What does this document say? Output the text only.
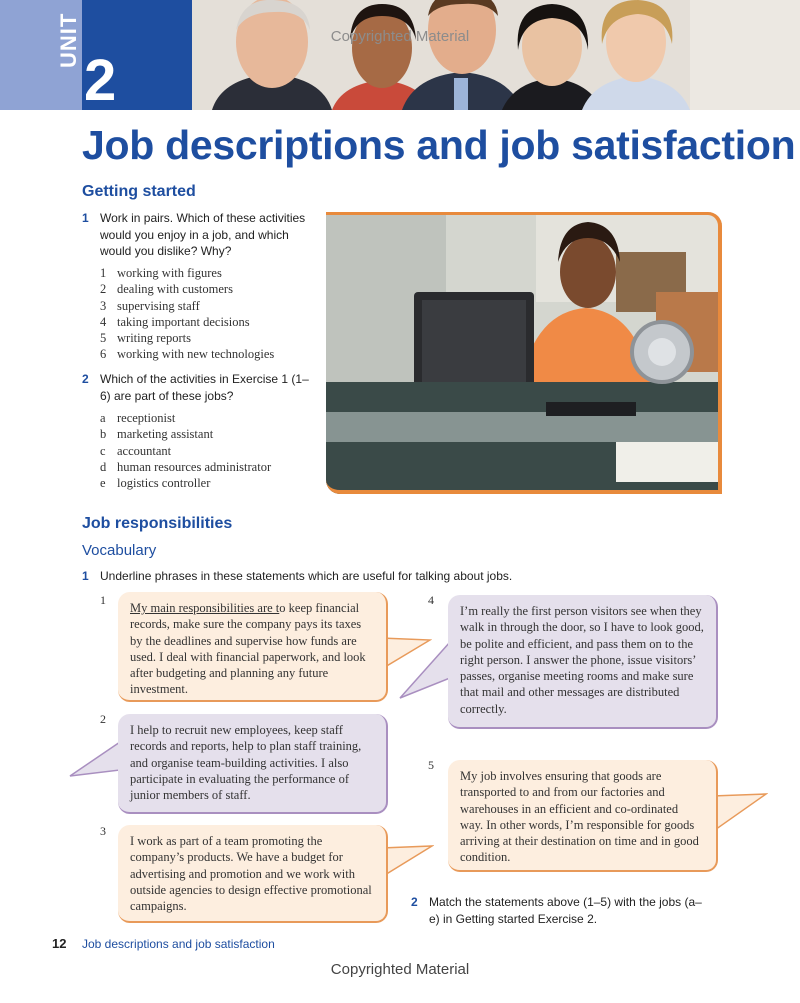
UNIT
2
Copyrighted Material
Job descriptions and job satisfaction
Getting started
1 Work in pairs. Which of these activities would you enjoy in a job, and which would you dislike? Why?
1 working with figures
2 dealing with customers
3 supervising staff
4 taking important decisions
5 writing reports
6 working with new technologies
2 Which of the activities in Exercise 1 (1–6) are part of these jobs?
a receptionist
b marketing assistant
c accountant
d human resources administrator
e logistics controller
Job responsibilities
Vocabulary
1 Underline phrases in these statements which are useful for talking about jobs.
1
My main responsibilities are to keep financial records, make sure the company pays its taxes by the deadlines and supervise how funds are used. I deal with financial paperwork, and look after budgeting and planning any future investment.
2
I help to recruit new employees, keep staff records and reports, help to plan staff training, and organise team-building activities. I also participate in evaluating the performance of junior members of staff.
3
I work as part of a team promoting the company’s products. We have a budget for advertising and promotion and we work with outside agencies to design effective promotional campaigns.
4
I’m really the first person visitors see when they walk in through the door, so I have to look good, be polite and efficient, and pass them on to the right person. I answer the phone, issue visitors’ passes, organise meeting rooms and make sure that mail and other messages are distributed correctly.
5
My job involves ensuring that goods are transported to and from our factories and warehouses in an efficient and co-ordinated way. In other words, I’m responsible for goods arriving at their destination on time and in good condition.
2 Match the statements above (1–5) with the jobs (a–e) in Getting started Exercise 2.
12 Job descriptions and job satisfaction
Copyrighted Material
